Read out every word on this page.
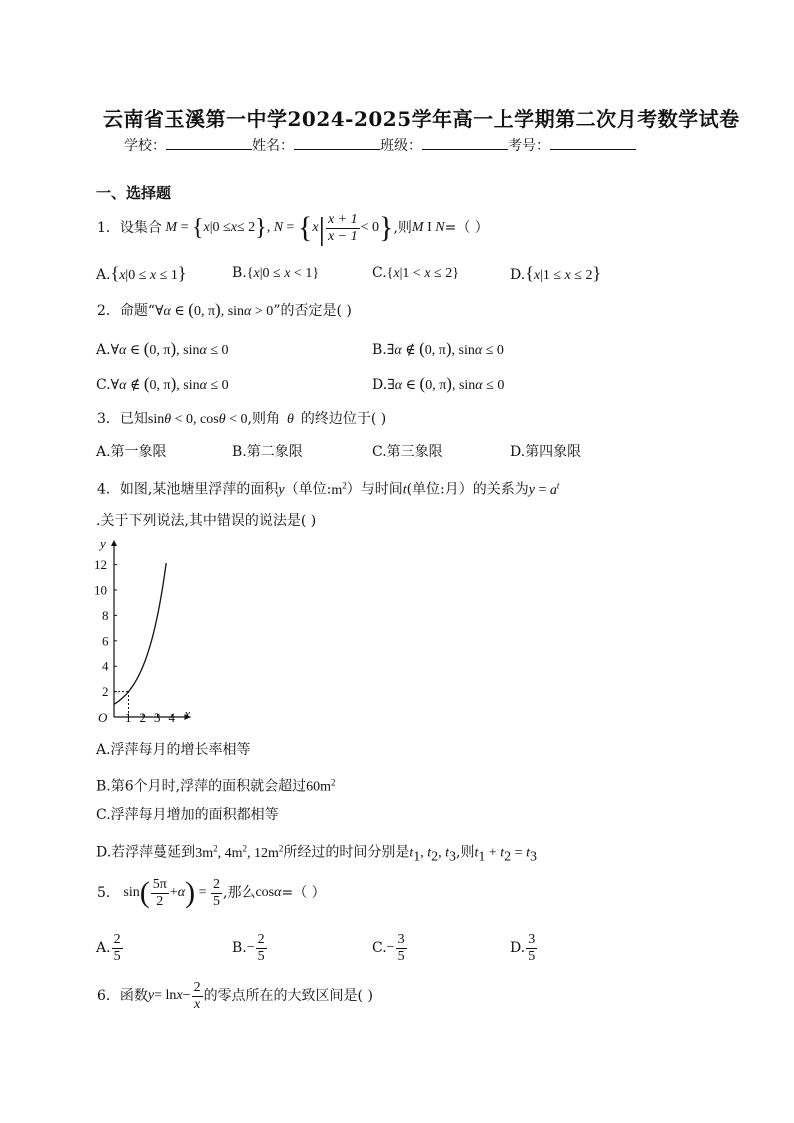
云南省玉溪第一中学2024-2025学年高一上学期第二次月考数学试卷
学校：	姓名：	班级：	考号：
一、选择题
1． 设集合 M = { x |0 ≤ x ≤ 2 } , N = { x | $\frac{x + 1}{x - 1} < 0$ } ,则 M I N =（ ）
A.{x|0 ≤ x ≤ 1}	B.{x|0 ≤ x < 1}	C.{x|1 < x ≤ 2}	D.{x|1 ≤ x ≤ 2}
2．命题“∀α ∈ (0, π), sinα > 0”的否定是( )
A.∀α ∈ (0, π), sinα ≤ 0	B.∃α ∉ (0, π), sinα ≤ 0
C.∀α ∉ (0, π), sinα ≤ 0	D.∃α ∈ (0, π), sinα ≤ 0
3．已知sinθ < 0, cosθ < 0,则角  θ  的终边位于( )
A.第一象限	B.第二象限	C.第三象限	D.第四象限
4．如图,某池塘里浮萍的面积y（单位$:m^2$）与时间t(单位:月）的关系为$y = a^t$
.关于下列说法,其中错误的说法是( )
x
y
O 1 2 3 4
2
4
6
8
10
12
A.浮萍每月的增长率相等
B.第6个月时,浮萍的面积就会超过$60m^2$
C.浮萍每月增加的面积都相等
D.若浮萍蔓延到$3m^2$, $4m^2$, $12m^2$所经过的时间分别是$t_1$, $t_2$, $t_3$,则$t_1 + t_2 = t_3$
5． sin ( $\frac{5\pi}{2} + \alpha$ ) = $\frac{2}{5}$ ,那么 cos α =（ ）
A. $\frac{2}{5}$	B. − $\frac{2}{5}$	C. − $\frac{3}{5}$	D. $\frac{3}{5}$
6． 函数 $y = \ln x - \frac{2}{x}$ 的零点所在的大致区间是( )
